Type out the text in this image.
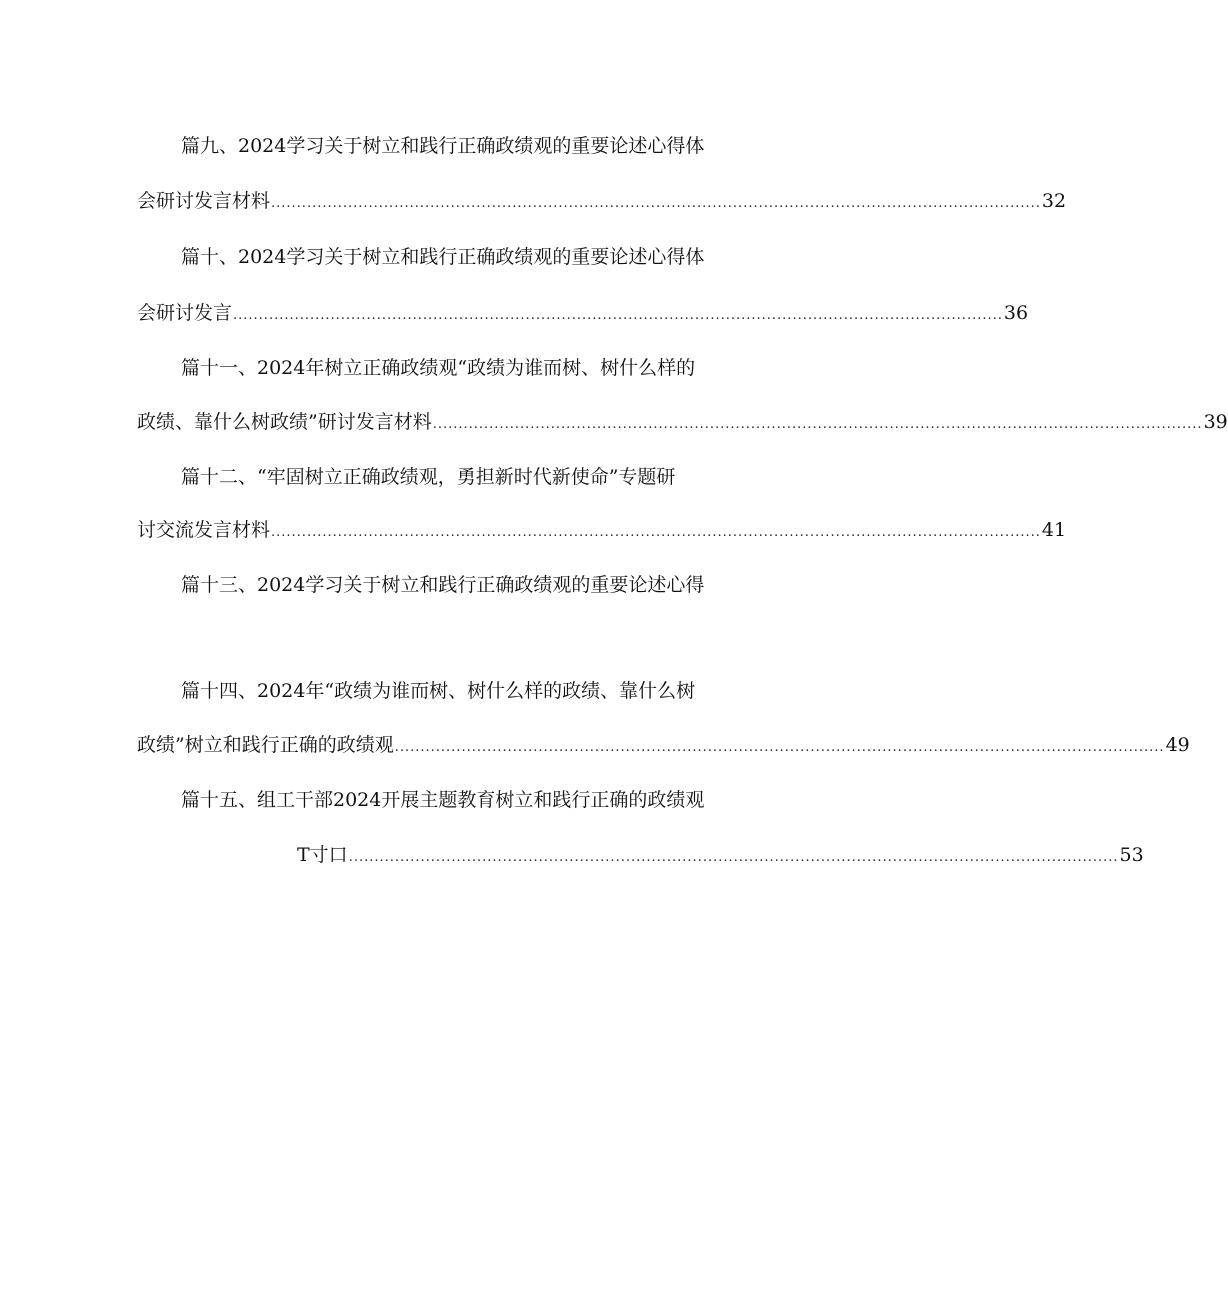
篇九、2024学习关于树立和践行正确政绩观的重要论述心得体
会研讨发言材料 ...................................................................................................................................................... 32
篇十、2024学习关于树立和践行正确政绩观的重要论述心得体
会研讨发言 ...................................................................................................................................................... 36
篇十一、2024年树立正确政绩观“政绩为谁而树、树什么样的
政绩、靠什么树政绩”研讨发言材料 ...................................................................................................................................................... 39
篇十二、“牢固树立正确政绩观，勇担新时代新使命”专题研
讨交流发言材料 ...................................................................................................................................................... 41
篇十三、2024学习关于树立和践行正确政绩观的重要论述心得
篇十四、2024年“政绩为谁而树、树什么样的政绩、靠什么树
政绩”树立和践行正确的政绩观 ...................................................................................................................................................... 49
篇十五、组工干部2024开展主题教育树立和践行正确的政绩观
T寸口 ...................................................................................................................................................... 53
